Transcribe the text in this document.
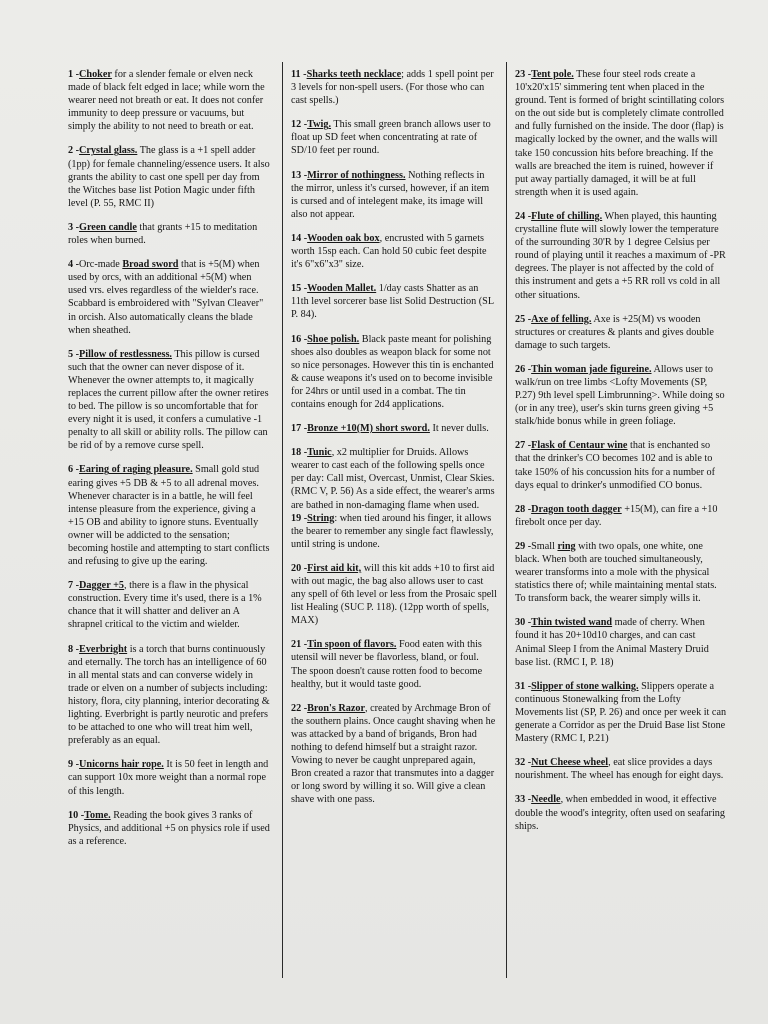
1 -Choker for a slender female or elven neck made of black felt edged in lace; while worn the wearer need not breath or eat. It does not confer immunity to deep pressure or vacuums, but simply the ability to not need to breath or eat.

2 -Crystal glass. The glass is a +1 spell adder (1pp) for female channeling/essence users. It also grants the ability to cast one spell per day from the Witches base list Potion Magic under fifth level (P. 55, RMC II)

3 -Green candle that grants +15 to meditation roles when burned.

4 -Orc-made Broad sword that is +5(M) when used by orcs, with an additional +5(M) when used vrs. elves regardless of the wielder's race. Scabbard is embroidered with "Sylvan Cleaver" in orcish. Also automatically cleans the blade when sheathed.

5 -Pillow of restlessness. This pillow is cursed such that the owner can never dispose of it. Whenever the owner attempts to, it magically replaces the current pillow after the owner retires to bed. The pillow is so uncomfortable that for every night it is used, it confers a cumulative -1 penalty to all skill or ability rolls. The pillow can be rid of by a remove curse spell.

6 -Earing of raging pleasure. Small gold stud earing gives +5 DB & +5 to all adrenal moves. Whenever character is in a battle, he will feel intense pleasure from the experience, giving a +15 OB and ability to ignore stuns. Eventually owner will be addicted to the sensation; becoming hostile and attempting to start conflicts and refusing to give up the earing.

7 -Dagger +5, there is a flaw in the physical construction. Every time it's used, there is a 1% chance that it will shatter and deliver an A shrapnel critical to the victim and wielder.

8 -Everbright is a torch that burns continuously and eternally. The torch has an intelligence of 60 in all mental stats and can converse widely in trade or elven on a number of subjects including: history, flora, city planning, interior decorating & lighting. Everbright is partly neurotic and prefers to be attached to one who will treat him well, preferably as an equal.

9 -Unicorns hair rope. It is 50 feet in length and can support 10x more weight than a normal rope of this length.

10 -Tome. Reading the book gives 3 ranks of Physics, and additional +5 on physics role if used as a reference.

11 -Sharks teeth necklace; adds 1 spell point per 3 levels for non-spell users. (For those who can cast spells.)

12 -Twig. This small green branch allows user to float up SD feet when concentrating at rate of SD/10 feet per round.

13 -Mirror of nothingness. Nothing reflects in the mirror, unless it's cursed, however, if an item is cursed and of intelegent make, its image will also not appear.

14 -Wooden oak box, encrusted with 5 garnets worth 15sp each. Can hold 50 cubic feet despite it's 6"x6"x3" size.

15 -Wooden Mallet. 1/day casts Shatter as an 11th level sorcerer base list Solid Destruction (SL P. 84).

16 -Shoe polish. Black paste meant for polishing shoes also doubles as weapon black for some not so nice personages. However this tin is enchanted & cause weapons it's used on to become invisible for 24hrs or until used in a combat. The tin contains enough for 2d4 applications.

17 -Bronze +10(M) short sword. It never dulls.

18 -Tunic, x2 multiplier for Druids. Allows wearer to cast each of the following spells once per day: Call mist, Overcast, Unmist, Clear Skies. (RMC V, P. 56) As a side effect, the wearer's arms are bathed in non-damaging flame when used.

19 -String: when tied around his finger, it allows the bearer to remember any single fact flawlessly, until string is undone.

20 -First aid kit, will this kit adds +10 to first aid with out magic, the bag also allows user to cast any spell of 6th level or less from the Prosaic spell list Healing (SUC P. 118). (12pp worth of spells, MAX)

21 -Tin spoon of flavors. Food eaten with this utensil will never be flavorless, bland, or foul. The spoon doesn't cause rotten food to become healthy, but it would taste good.

22 -Bron's Razor, created by Archmage Bron of the southern plains. Once caught shaving when he was attacked by a band of brigands, Bron had nothing to defend himself but a straight razor. Vowing to never be caught unprepared again, Bron created a razor that transmutes into a dagger or long sword by willing it so. Will give a clean shave with one pass.

23 -Tent pole. These four steel rods create a 10'x20'x15' simmering tent when placed in the ground. Tent is formed of bright scintillating colors on the out side but is completely climate controlled and fully furnished on the inside. The door (flap) is magically locked by the owner, and the walls will take 150 concussion hits before breaching. If the walls are breached the item is ruined, however if put away partially damaged, it will be at full strength when it is used again.

24 -Flute of chilling. When played, this haunting crystalline flute will slowly lower the temperature of the surrounding 30'R by 1 degree Celsius per round of playing until it reaches a maximum of -PR degrees. The player is not affected by the cold of this instrument and gets a +5 RR roll vs cold in all other situations.

25 -Axe of felling. Axe is +25(M) vs wooden structures or creatures & plants and gives double damage to such targets.

26 -Thin woman jade figureine. Allows user to walk/run on tree limbs <Lofty Movements (SP, P.27) 9th level spell Limbrunning>. While doing so (or in any tree), user's skin turns green giving +5 stalk/hide bonus while in green foliage.

27 -Flask of Centaur wine that is enchanted so that the drinker's CO becomes 102 and is able to take 150% of his concussion hits for a number of days equal to drinker's unmodified CO bonus.

28 -Dragon tooth dagger +15(M), can fire a +10 firebolt once per day.

29 -Small ring with two opals, one white, one black. When both are touched simultaneously, wearer transforms into a mole with the physical statistics there of; while maintaining mental stats. To transform back, the wearer simply wills it.

30 -Thin twisted wand made of cherry. When found it has 20+10d10 charges, and can cast Animal Sleep I from the Animal Mastery Druid base list. (RMC I, P. 18)

31 -Slipper of stone walking. Slippers operate a continuous Stonewalking from the Lofty Movements list (SP, P. 26) and once per week it can generate a Corridor as per the Druid Base list Stone Mastery (RMC I, P.21)

32 -Nut Cheese wheel, eat slice provides a days nourishment. The wheel has enough for eight days.

33 -Needle, when embedded in wood, it effective double the wood's integrity, often used on seafaring ships.
